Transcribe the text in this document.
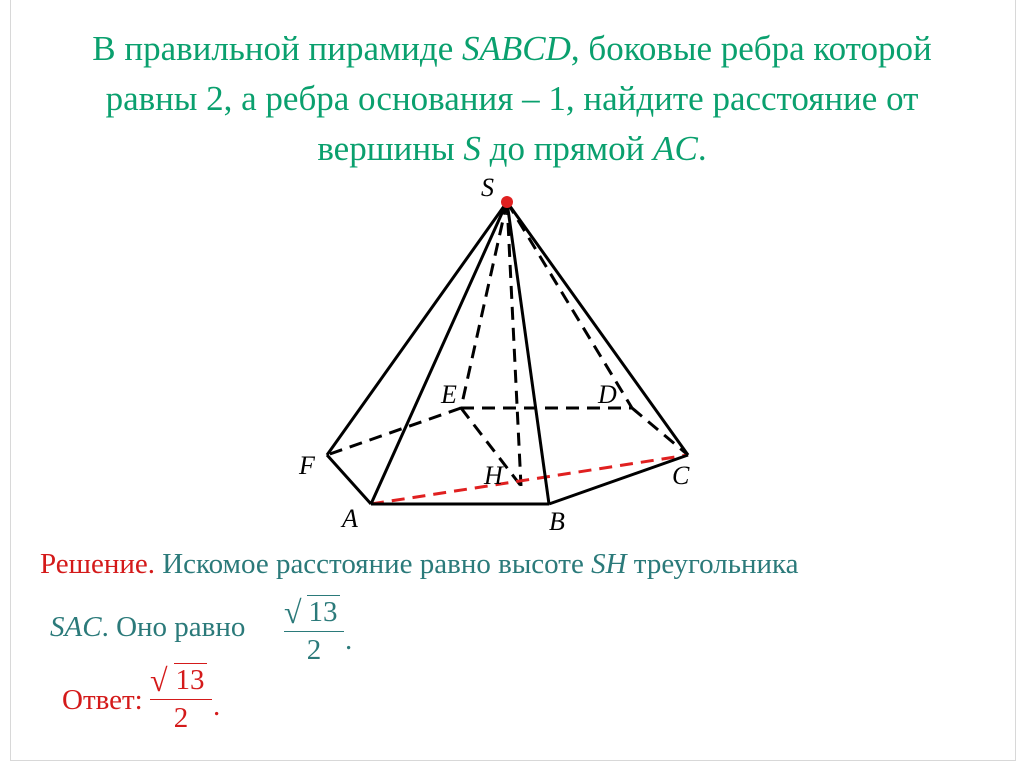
В правильной пирамиде SABCD, боковые ребра которой
равны 2, а ребра основания – 1, найдите расстояние от
вершины S до прямой AC.
S
E	D
F	H	C
A	B
Решение. Искомое расстояние равно высоте SH треугольника
SAC. Оно равно √ 13
2 .
Ответ:
√ 13
2 .
